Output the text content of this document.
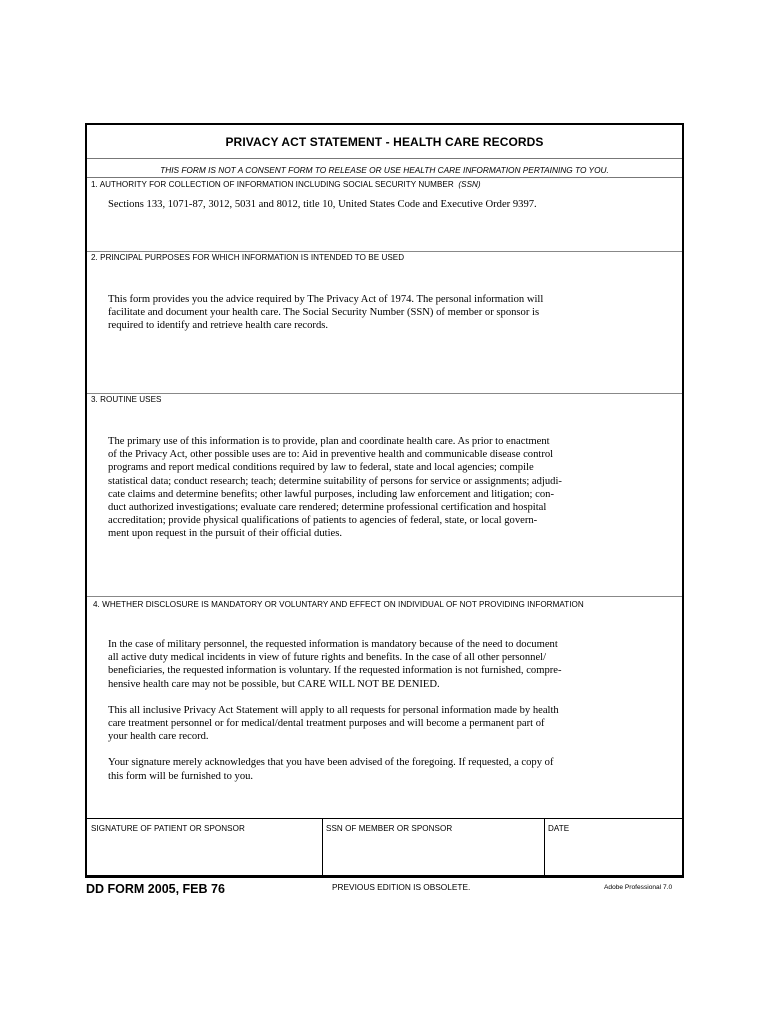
PRIVACY ACT STATEMENT - HEALTH CARE RECORDS
THIS FORM IS NOT A CONSENT FORM TO RELEASE OR USE HEALTH CARE INFORMATION PERTAINING TO YOU.
1. AUTHORITY FOR COLLECTION OF INFORMATION INCLUDING SOCIAL SECURITY NUMBER (SSN)
Sections 133, 1071-87, 3012, 5031 and 8012, title 10, United States Code and Executive Order 9397.
2. PRINCIPAL PURPOSES FOR WHICH INFORMATION IS INTENDED TO BE USED
This form provides you the advice required by The Privacy Act of 1974. The personal information will
facilitate and document your health care. The Social Security Number (SSN) of member or sponsor is
required to identify and retrieve health care records.
3. ROUTINE USES
The primary use of this information is to provide, plan and coordinate health care. As prior to enactment
of the Privacy Act, other possible uses are to: Aid in preventive health and communicable disease control
programs and report medical conditions required by law to federal, state and local agencies; compile
statistical data; conduct research; teach; determine suitability of persons for service or assignments; adjudi-
cate claims and determine benefits; other lawful purposes, including law enforcement and litigation; con-
duct authorized investigations; evaluate care rendered; determine professional certification and hospital
accreditation; provide physical qualifications of patients to agencies of federal, state, or local govern-
ment upon request in the pursuit of their official duties.
4. WHETHER DISCLOSURE IS MANDATORY OR VOLUNTARY AND EFFECT ON INDIVIDUAL OF NOT PROVIDING INFORMATION

In the case of military personnel, the requested information is mandatory because of the need to document
all active duty medical incidents in view of future rights and benefits. In the case of all other personnel/
beneficiaries, the requested information is voluntary. If the requested information is not furnished, compre-
hensive health care may not be possible, but CARE WILL NOT BE DENIED.

This all inclusive Privacy Act Statement will apply to all requests for personal information made by health
care treatment personnel or for medical/dental treatment purposes and will become a permanent part of
your health care record.

Your signature merely acknowledges that you have been advised of the foregoing. If requested, a copy of
this form will be furnished to you.

SIGNATURE OF PATIENT OR SPONSOR	SSN OF MEMBER OR SPONSOR	DATE
DD FORM 2005, FEB 76	PREVIOUS EDITION IS OBSOLETE.	Adobe Professional 7.0
